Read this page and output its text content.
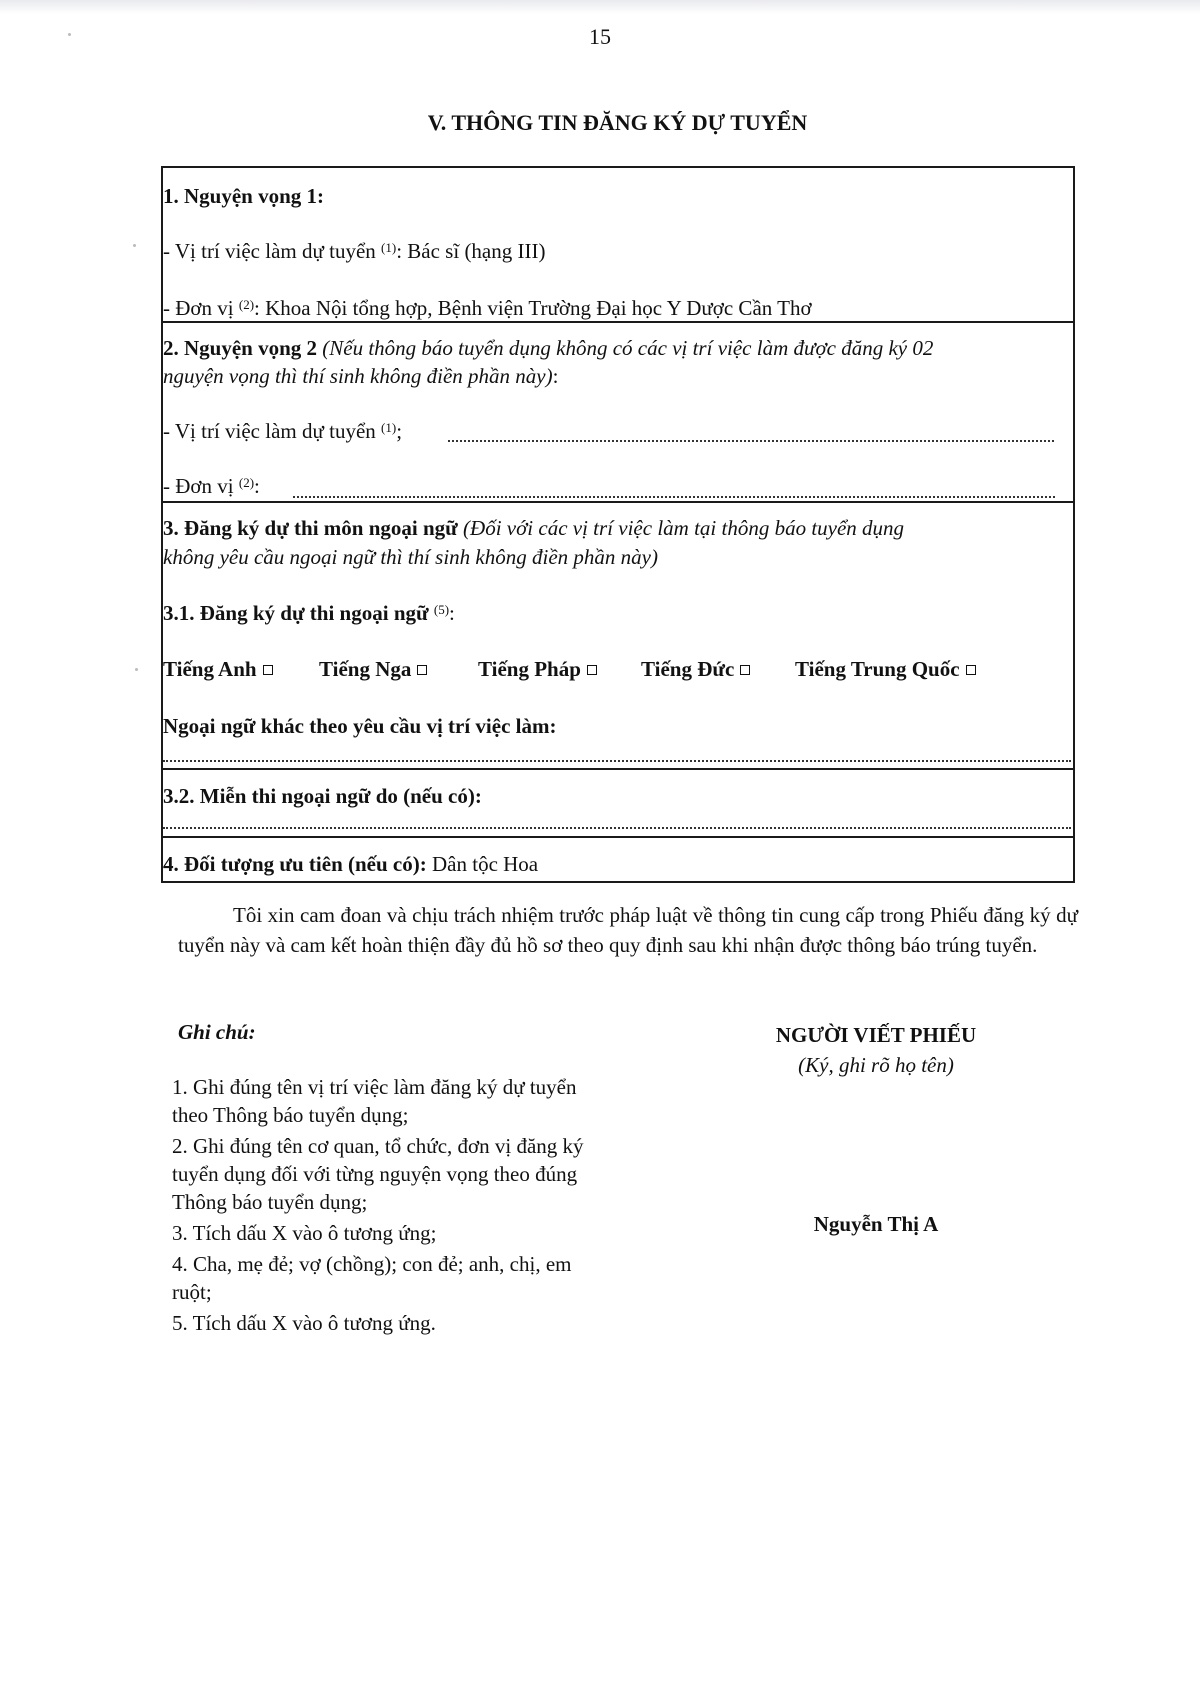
15
V. THÔNG TIN ĐĂNG KÝ DỰ TUYỂN
1. Nguyện vọng 1:
- Vị trí việc làm dự tuyển $^{(1)}$: Bác sĩ (hạng III)
- Đơn vị $^{(2)}$: Khoa Nội tổng hợp, Bệnh viện Trường Đại học Y Dược Cần Thơ
2. Nguyện vọng 2 (Nếu thông báo tuyển dụng không có các vị trí việc làm được đăng ký 02
nguyện vọng thì thí sinh không điền phần này):
- Vị trí việc làm dự tuyển $^{(1)}$;
- Đơn vị $^{(2)}$:
3. Đăng ký dự thi môn ngoại ngữ (Đối với các vị trí việc làm tại thông báo tuyển dụng
không yêu cầu ngoại ngữ thì thí sinh không điền phần này)
3.1. Đăng ký dự thi ngoại ngữ $^{(5)}$:
Tiếng Anh	Tiếng Nga	Tiếng Pháp	Tiếng Đức	Tiếng Trung Quốc
Ngoại ngữ khác theo yêu cầu vị trí việc làm:
3.2. Miễn thi ngoại ngữ do (nếu có):
4. Đối tượng ưu tiên (nếu có): Dân tộc Hoa
Tôi xin cam đoan và chịu trách nhiệm trước pháp luật về thông tin cung cấp trong Phiếu đăng ký dự tuyển này và cam kết hoàn thiện đầy đủ hồ sơ theo quy định sau khi nhận được thông báo trúng tuyển.
Ghi chú:
1. Ghi đúng tên vị trí việc làm đăng ký dự tuyển theo Thông báo tuyển dụng;
2. Ghi đúng tên cơ quan, tổ chức, đơn vị đăng ký tuyển dụng đối với từng nguyện vọng theo đúng Thông báo tuyển dụng;
3. Tích dấu X vào ô tương ứng;
4. Cha, mẹ đẻ; vợ (chồng); con đẻ; anh, chị, em ruột;
5. Tích dấu X vào ô tương ứng.
NGƯỜI VIẾT PHIẾU
(Ký, ghi rõ họ tên)
Nguyễn Thị A
